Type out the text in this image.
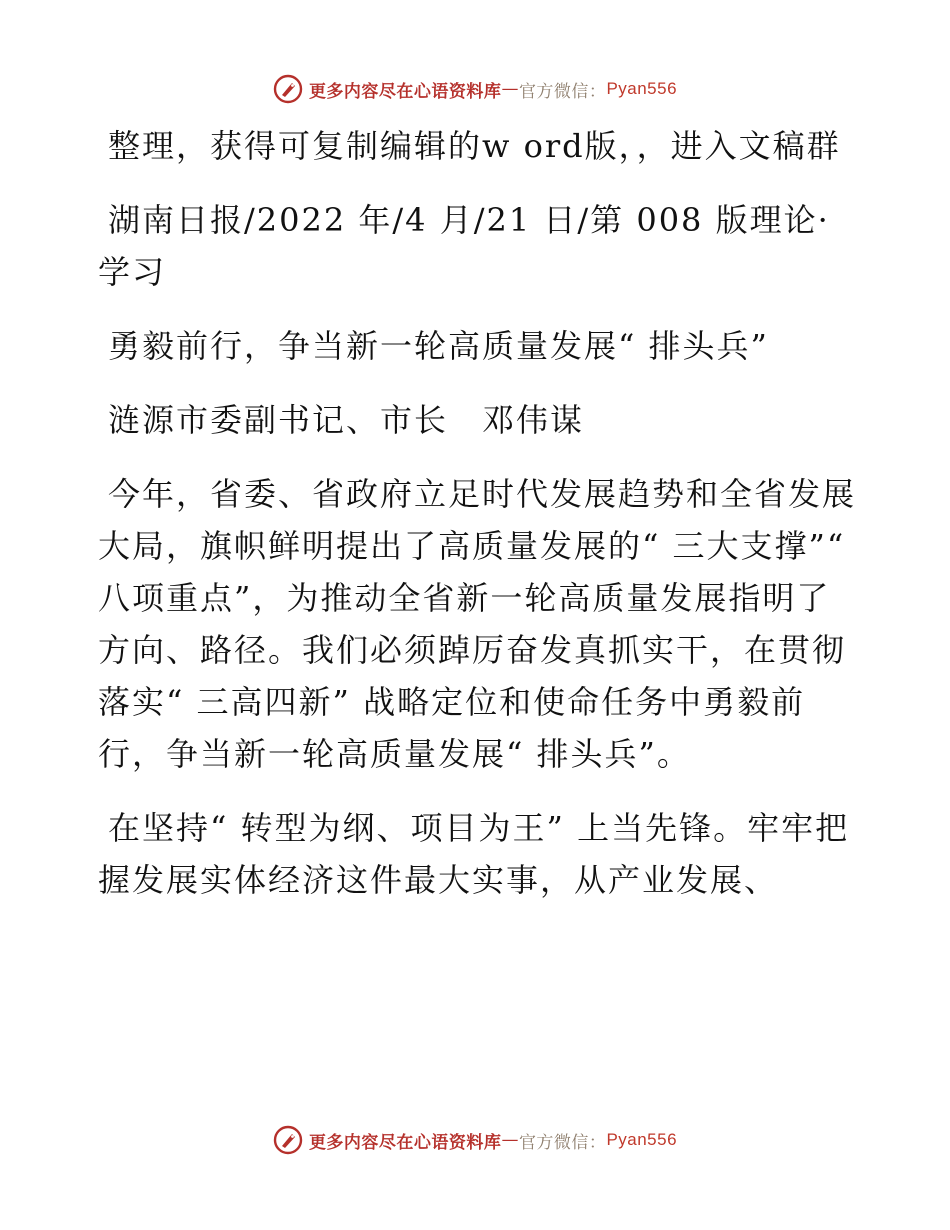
更多内容尽在心语资料库 — 官方微信： Pyan556

整理，获得可复制编辑的w ord版，，进入文稿群

湖南日报/2022 年/4 月/21 日/第 008 版理论·学习

勇毅前行，争当新一轮高质量发展“ 排头兵”

涟源市委副书记、市长　邓伟谋

今年，省委、省政府立足时代发展趋势和全省发展大局，旗帜鲜明提出了高质量发展的“ 三大支撑”“ 八项重点”，为推动全省新一轮高质量发展指明了方向、路径。我们必须踔厉奋发真抓实干，在贯彻落实“ 三高四新” 战略定位和使命任务中勇毅前行，争当新一轮高质量发展“ 排头兵”。

在坚持“ 转型为纲、项目为王” 上当先锋。牢牢把握发展实体经济这件最大实事，从产业发展、

更多内容尽在心语资料库 — 官方微信： Pyan556
